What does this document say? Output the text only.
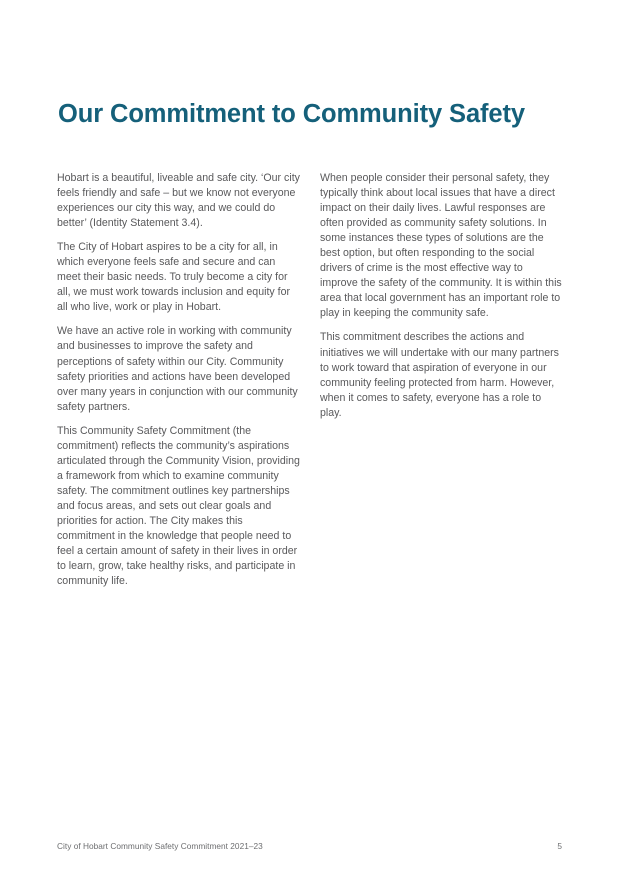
Our Commitment to Community Safety

Hobart is a beautiful, liveable and safe city. ‘Our city feels friendly and safe – but we know not everyone experiences our city this way, and we could do better’ (Identity Statement 3.4).

The City of Hobart aspires to be a city for all, in which everyone feels safe and secure and can meet their basic needs. To truly become a city for all, we must work towards inclusion and equity for all who live, work or play in Hobart.

We have an active role in working with community and businesses to improve the safety and perceptions of safety within our City. Community safety priorities and actions have been developed over many years in conjunction with our community safety partners.

This Community Safety Commitment (the commitment) reflects the community’s aspirations articulated through the Community Vision, providing a framework from which to examine community safety. The commitment outlines key partnerships and focus areas, and sets out clear goals and priorities for action. The City makes this commitment in the knowledge that people need to feel a certain amount of safety in their lives in order to learn, grow, take healthy risks, and participate in community life.

When people consider their personal safety, they typically think about local issues that have a direct impact on their daily lives. Lawful responses are often provided as community safety solutions. In some instances these types of solutions are the best option, but often responding to the social drivers of crime is the most effective way to improve the safety of the community. It is within this area that local government has an important role to play in keeping the community safe.

This commitment describes the actions and initiatives we will undertake with our many partners to work toward that aspiration of everyone in our community feeling protected from harm. However, when it comes to safety, everyone has a role to play.

City of Hobart Community Safety Commitment 2021–23	5
